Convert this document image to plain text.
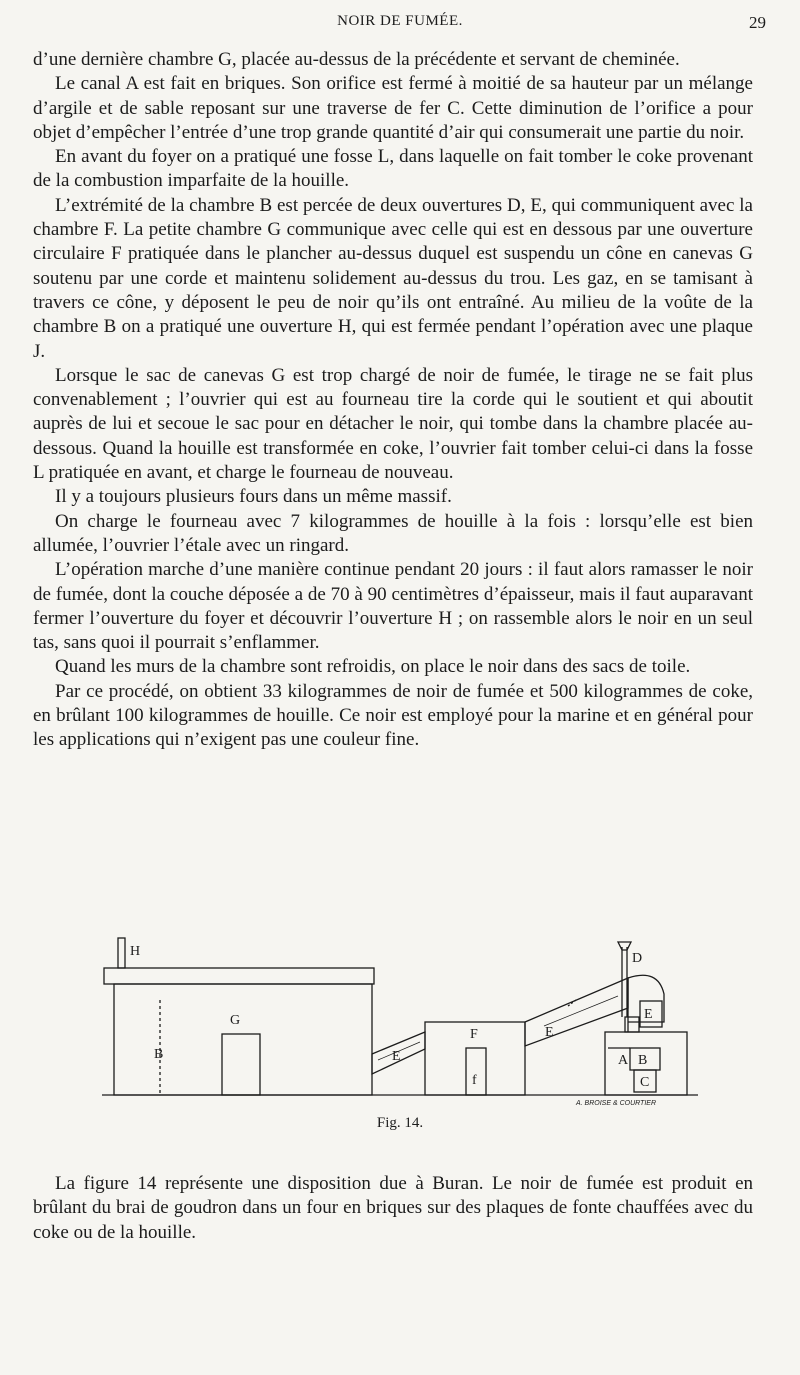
NOIR DE FUMÉE.	29

d’une dernière chambre G, placée au-dessus de la précédente et servant de cheminée.

Le canal A est fait en briques. Son orifice est fermé à moitié de sa hauteur par un mélange d’argile et de sable reposant sur une traverse de fer C. Cette diminution de l’orifice a pour objet d’empêcher l’entrée d’une trop grande quantité d’air qui consumerait une partie du noir.

En avant du foyer on a pratiqué une fosse L, dans laquelle on fait tomber le coke provenant de la combustion imparfaite de la houille.

L’extrémité de la chambre B est percée de deux ouvertures D, E, qui communiquent avec la chambre F. La petite chambre G communique avec celle qui est en dessous par une ouverture circulaire F pratiquée dans le plancher au-dessus duquel est suspendu un cône en canevas G soutenu par une corde et maintenu solidement au-dessus du trou. Les gaz, en se tamisant à travers ce cône, y déposent le peu de noir qu’ils ont entraîné. Au milieu de la voûte de la chambre B on a pratiqué une ouverture H, qui est fermée pendant l’opération avec une plaque J.

Lorsque le sac de canevas G est trop chargé de noir de fumée, le tirage ne se fait plus convenablement ; l’ouvrier qui est au fourneau tire la corde qui le soutient et qui aboutit auprès de lui et secoue le sac pour en détacher le noir, qui tombe dans la chambre placée au-dessous. Quand la houille est transformée en coke, l’ouvrier fait tomber celui-ci dans la fosse L pratiquée en avant, et charge le fourneau de nouveau.

Il y a toujours plusieurs fours dans un même massif.

On charge le fourneau avec 7 kilogrammes de houille à la fois : lorsqu’elle est bien allumée, l’ouvrier l’étale avec un ringard.

L’opération marche d’une manière continue pendant 20 jours : il faut alors ramasser le noir de fumée, dont la couche déposée a de 70 à 90 centimètres d’épaisseur, mais il faut auparavant fermer l’ouverture du foyer et découvrir l’ouverture H ; on rassemble alors le noir en un seul tas, sans quoi il pourrait s’enflammer.

Quand les murs de la chambre sont refroidis, on place le noir dans des sacs de toile.

Par ce procédé, on obtient 33 kilogrammes de noir de fumée et 500 kilogrammes de coke, en brûlant 100 kilogrammes de houille. Ce noir est employé pour la marine et en général pour les applications qui n’exigent pas une couleur fine.

H
G
B	E
F
f
E
D
E
A B
C
A. BROISE & COURTIER
Fig. 14.

La figure 14 représente une disposition due à Buran. Le noir de fumée est produit en brûlant du brai de goudron dans un four en briques sur des plaques de fonte chauffées avec du coke ou de la houille.
